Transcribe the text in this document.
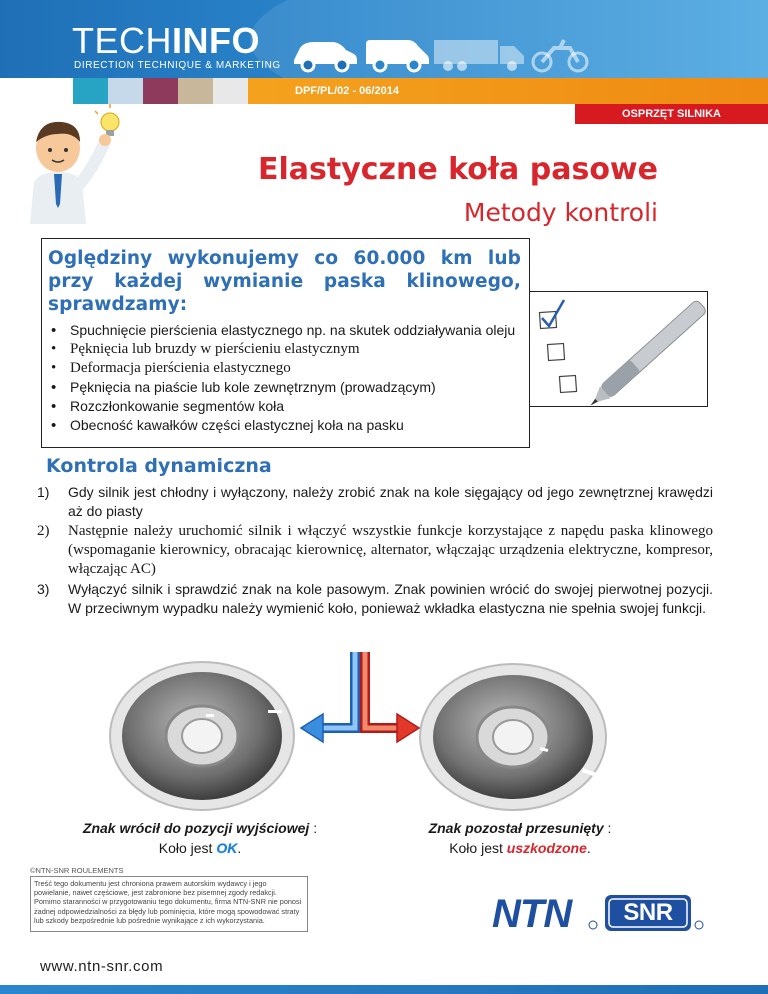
TECHINFO
DIRECTION TECHNIQUE & MARKETING
DPF/PL/02 - 06/2014
OSPRZĘT SILNIKA
Elastyczne koła pasowe
Metody kontroli
Oględziny wykonujemy co 60.000 km lub przy każdej wymianie paska klinowego, sprawdzamy:
• Spuchnięcie pierścienia elastycznego np. na skutek oddziaływania oleju
• Pęknięcia lub bruzdy w pierścieniu elastycznym
• Deformacja pierścienia elastycznego
• Pęknięcia na piaście lub kole zewnętrznym (prowadzącym)
• Rozczłonkowanie segmentów koła
• Obecność kawałków części elastycznej koła na pasku
Kontrola dynamiczna
1) Gdy silnik jest chłodny i wyłączony, należy zrobić znak na kole sięgający od jego zewnętrznej krawędzi aż do piasty
2) Następnie należy uruchomić silnik i włączyć wszystkie funkcje korzystające z napędu paska klinowego (wspomaganie kierownicy, obracając kierownicę, alternator, włączając urządzenia elektryczne, kompresor, włączając AC)
3) Wyłączyć silnik i sprawdzić znak na kole pasowym. Znak powinien wrócić do swojej pierwotnej pozycji. W przeciwnym wypadku należy wymienić koło, ponieważ wkładka elastyczna nie spełnia swojej funkcji.
Znak wrócił do pozycji wyjściowej :
Koło jest OK.
Znak pozostał przesunięty :
Koło jest uszkodzone.
©NTN-SNR ROULEMENTS
Treść tego dokumentu jest chroniona prawem autorskim wydawcy i jego powielanie, nawet częściowe, jest zabronione bez pisemnej zgody redakcji. Pomimo staranności w przygotowaniu tego dokumentu, firma NTN-SNR nie ponosi żadnej odpowiedzialności za błędy lub pominięcia, które mogą spowodować straty lub szkody bezpośrednie lub pośrednie wynikające z ich wykorzystania.
www.ntn-snr.com
NTN	SNR
